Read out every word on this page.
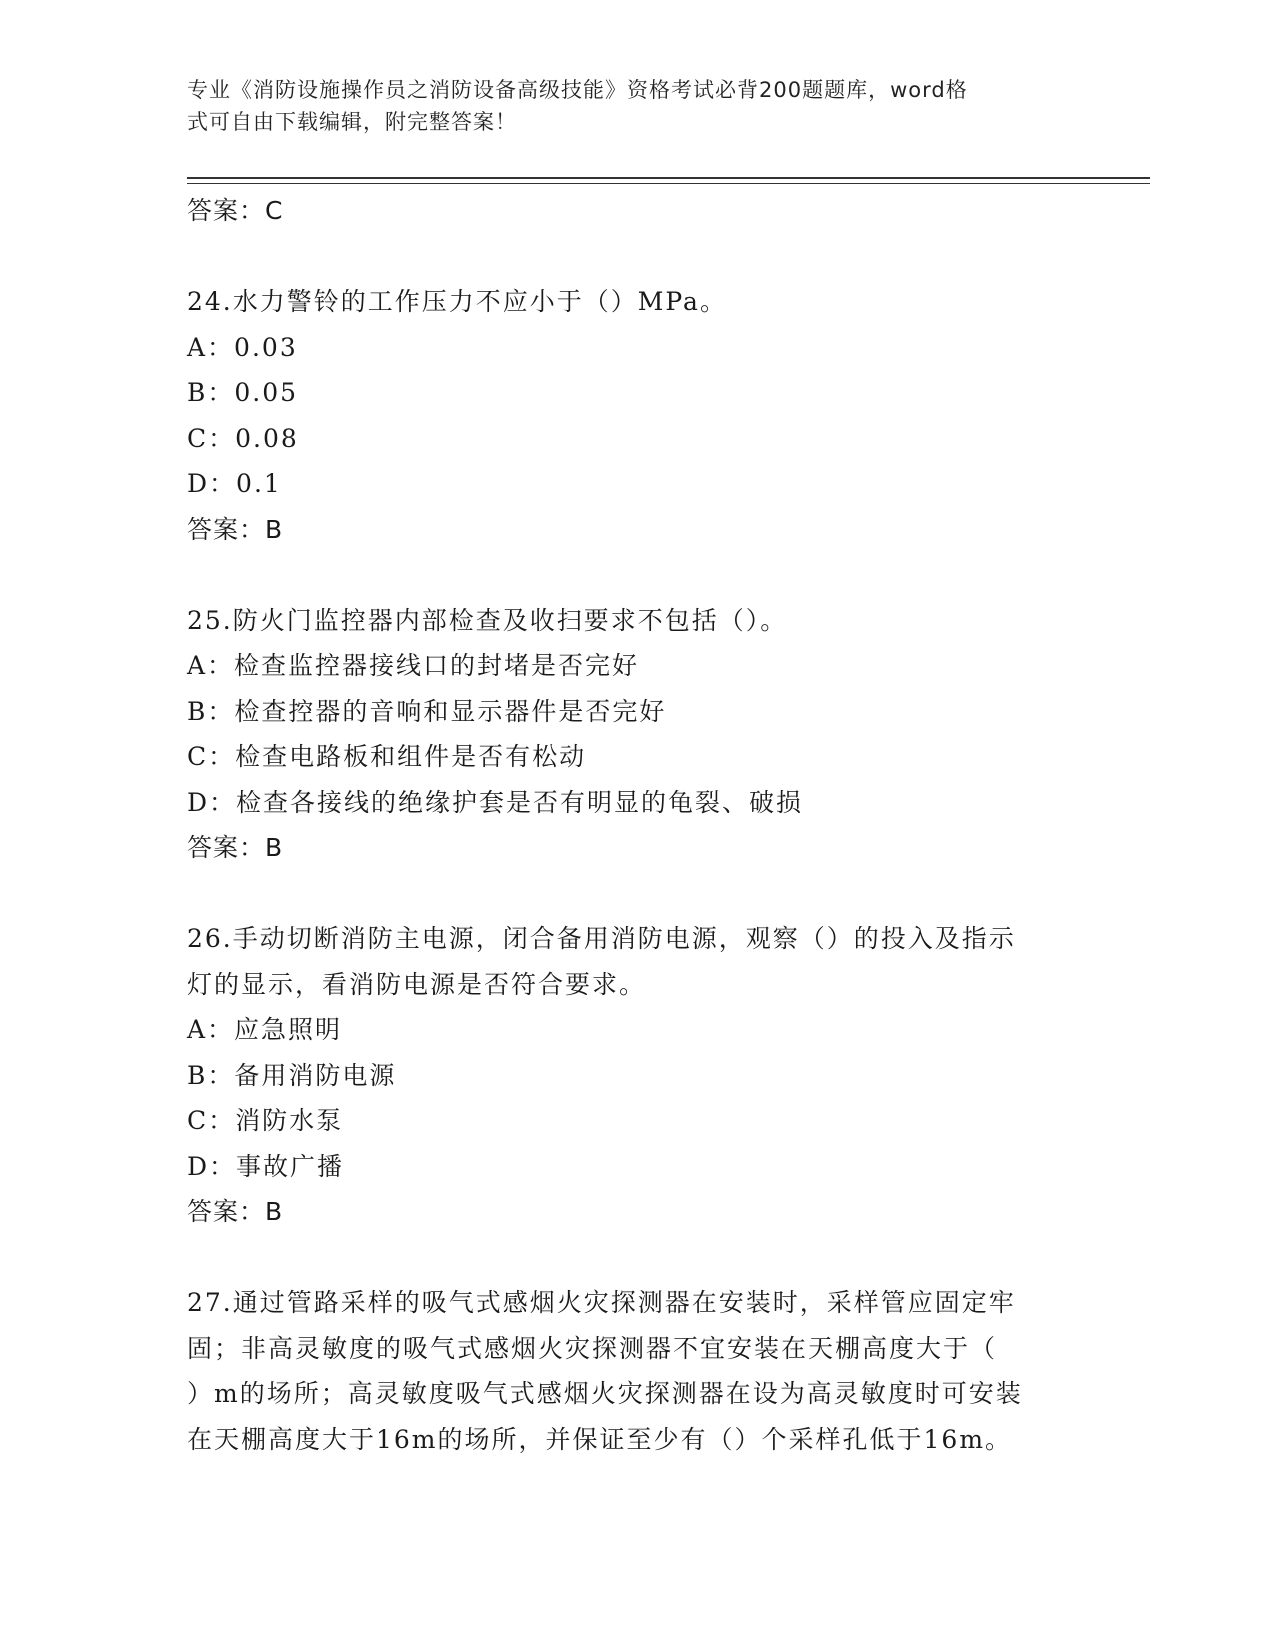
专业《消防设施操作员之消防设备高级技能》资格考试必背200题题库，word格
式可自由下载编辑，附完整答案！
答案：C
24.水力警铃的工作压力不应小于（）MPa。
A：0.03
B：0.05
C：0.08
D：0.1
答案：B
25.防火门监控器内部检查及收扫要求不包括（）。
A：检查监控器接线口的封堵是否完好
B：检查控器的音响和显示器件是否完好
C：检查电路板和组件是否有松动
D：检查各接线的绝缘护套是否有明显的龟裂、破损
答案：B
26.手动切断消防主电源，闭合备用消防电源，观察（）的投入及指示
灯的显示，看消防电源是否符合要求。
A：应急照明
B：备用消防电源
C：消防水泵
D：事故广播
答案：B
27.通过管路采样的吸气式感烟火灾探测器在安装时，采样管应固定牢
固；非高灵敏度的吸气式感烟火灾探测器不宜安装在天棚高度大于（
）m的场所；高灵敏度吸气式感烟火灾探测器在设为高灵敏度时可安装
在天棚高度大于16m的场所，并保证至少有（）个采样孔低于16m。
